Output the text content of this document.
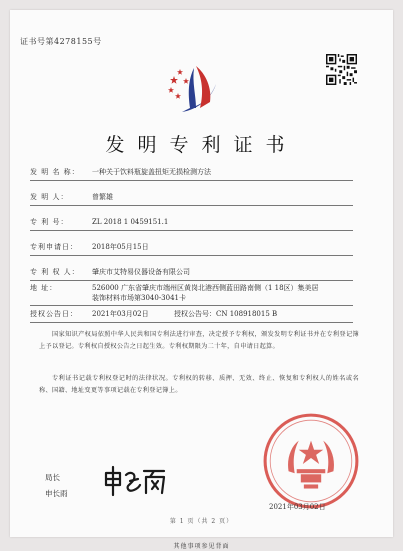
证书号第4278155号
发明专利证书
发 明 名 称： 一种关于饮料瓶旋盖扭矩无损检测方法
发 明 人：	曾繁雄
专 利 号：	ZL 2018 1 0459151.1
专利申请日： 2018年05月15日
专 利 权 人： 肇庆市艾特易仪器设备有限公司
地 址：	526000 广东省肇庆市端州区黄岗北港西侧蓝田路南侧（1 18区）集美居装饰材料市场第3040-3041卡
授权公告日： 2021年03月02日	授权公告号：CN 108918015 B
国家知识产权局依照中华人民共和国专利法进行审查，决定授予专利权，颁发发明专利证书并在专利登记簿上予以登记。专利权自授权公告之日起生效。专利权期限为二十年，自申请日起算。
专利证书记载专利权登记时的法律状况。专利权的转移、质押、无效、终止、恢复和专利权人的姓名或名称、国籍、地址变更等事项记载在专利登记簿上。
局长
申长雨
2021年03月02日
第 1 页（共 2 页）
其他事项参见背面
